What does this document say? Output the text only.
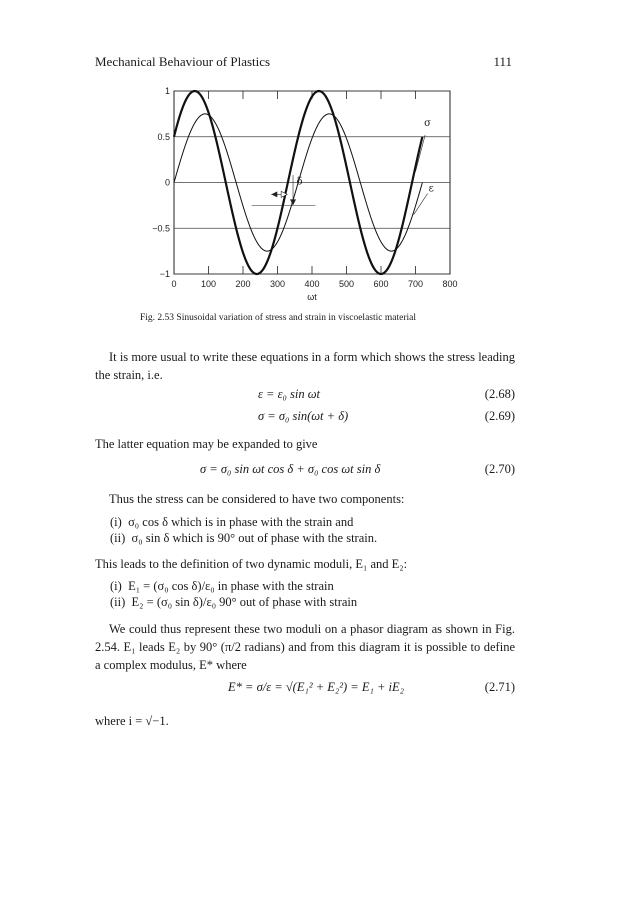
Mechanical Behaviour of Plastics	111
0	100 200 300 400 500 600 700 800
1
0.5
0
−0.5
−1
ωt
σ
ε
δ
Fig. 2.53 Sinusoidal variation of stress and strain in viscoelastic material
It is more usual to write these equations in a form which shows the stress leading the strain, i.e.
ε = ε₀ sin ωt	(2.68)
σ = σ₀ sin(ωt + δ)	(2.69)
The latter equation may be expanded to give
σ = σ₀ sin ωt cos δ + σ₀ cos ωt sin δ	(2.70)
Thus the stress can be considered to have two components:
(i) σ₀ cos δ which is in phase with the strain and
(ii) σ₀ sin δ which is 90° out of phase with the strain.
This leads to the definition of two dynamic moduli, E₁ and E₂:
(i) E₁ = (σ₀ cos δ)/ε₀ in phase with the strain
(ii) E₂ = (σ₀ sin δ)/ε₀ 90° out of phase with strain
We could thus represent these two moduli on a phasor diagram as shown in Fig. 2.54. E₁ leads E₂ by 90° (π/2 radians) and from this diagram it is possible to define a complex modulus, E* where
E* = σ/ε = √(E₁² + E₂²) = E₁ + iE₂	(2.71)
where i = √−1.
